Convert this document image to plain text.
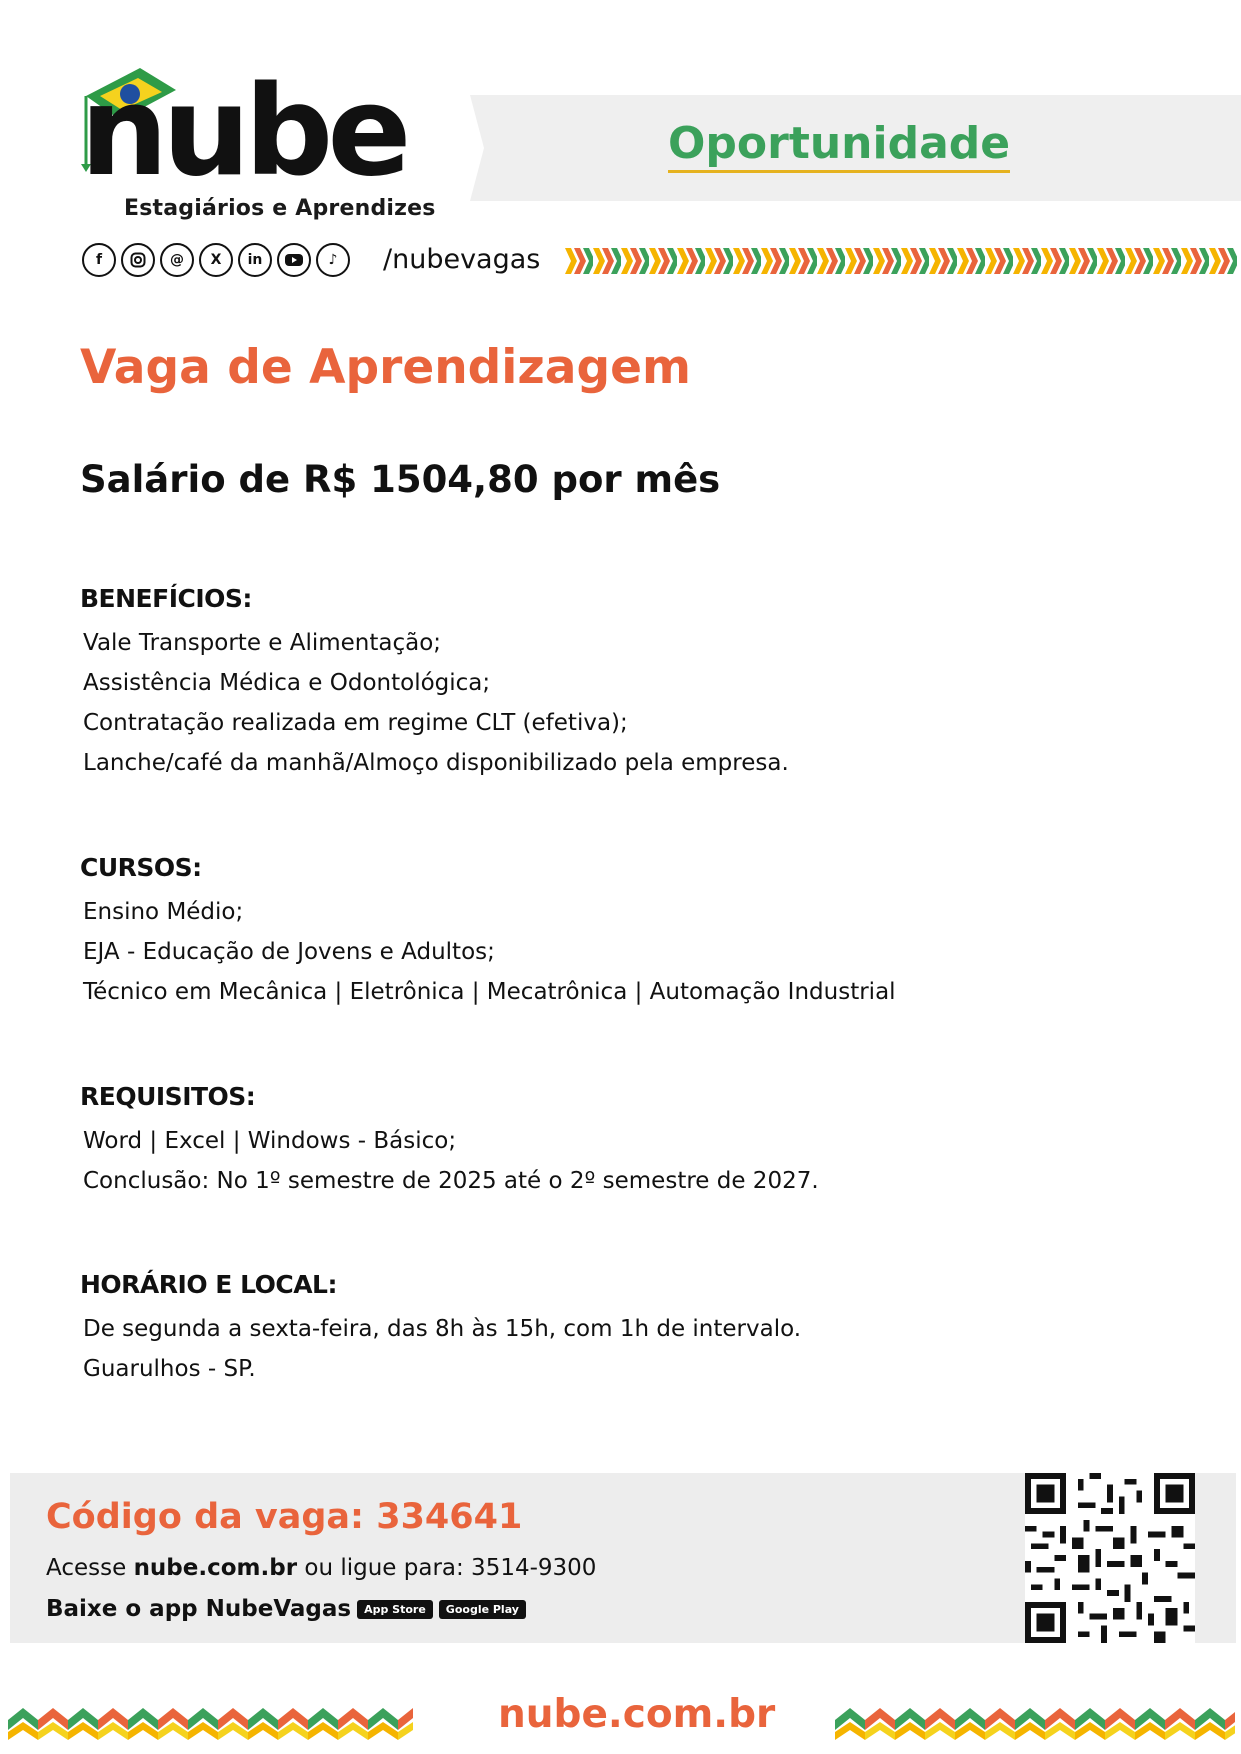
nube
Estagiários e Aprendizes
Oportunidade
f	@	X	in	♪	/nubevagas
Vaga de Aprendizagem
Salário de R$ 1504,80 por mês
BENEFÍCIOS:
Vale Transporte e Alimentação;
Assistência Médica e Odontológica;
Contratação realizada em regime CLT (efetiva);
Lanche/café da manhã/Almoço disponibilizado pela empresa.
CURSOS:
Ensino Médio;
EJA - Educação de Jovens e Adultos;
Técnico em Mecânica | Eletrônica | Mecatrônica | Automação Industrial
REQUISITOS:
Word | Excel | Windows - Básico;
Conclusão: No 1º semestre de 2025 até o 2º semestre de 2027.
HORÁRIO E LOCAL:
De segunda a sexta-feira, das 8h às 15h, com 1h de intervalo.
Guarulhos - SP.
Código da vaga: 334641
Acesse nube.com.br ou ligue para: 3514-9300
Baixe o app NubeVagas	App Store	Google Play
nube.com.br
